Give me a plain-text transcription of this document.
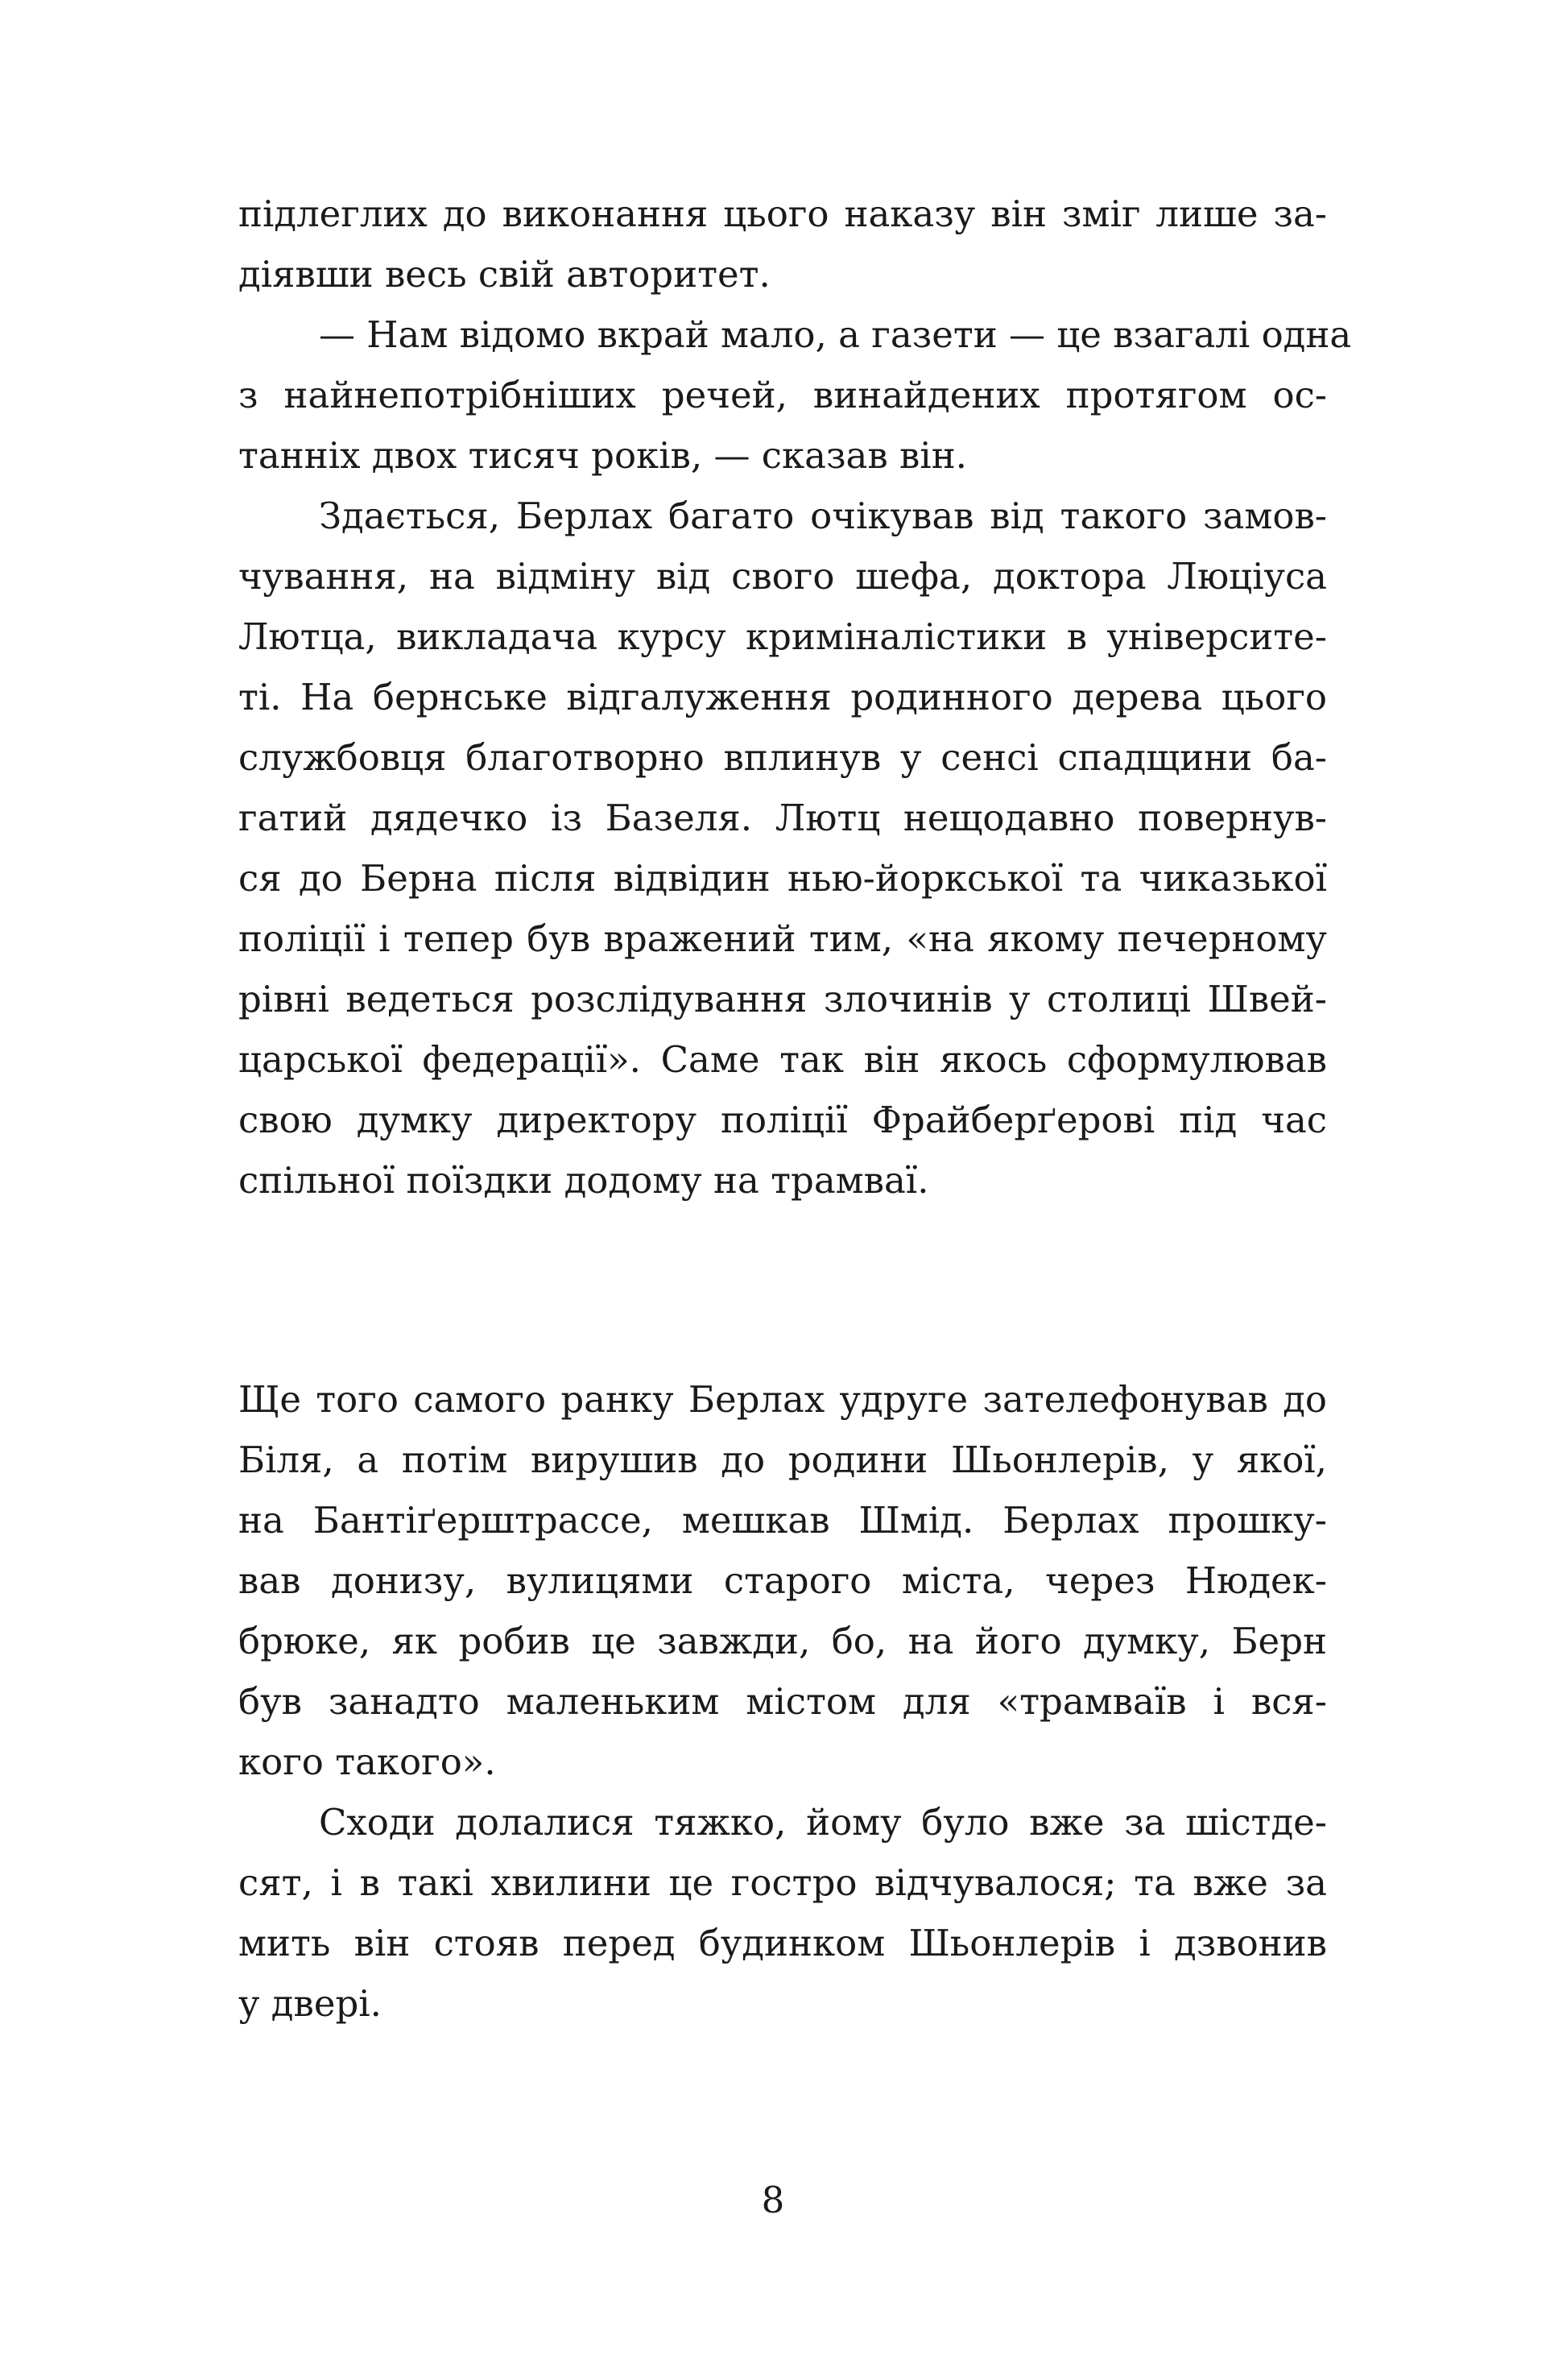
підлеглих до виконання цього наказу він зміг лише за-
діявши весь свій авторитет.
— Нам відомо вкрай мало, а газети — це взагалі одна
з найнепотрібніших речей, винайдених протягом ос-
танніх двох тисяч років, — сказав він.
Здається, Берлах багато очікував від такого замов-
чування, на відміну від свого шефа, доктора Люціуса
Лютца, викладача курсу криміналістики в університе-
ті. На бернське відгалуження родинного дерева цього
службовця благотворно вплинув у сенсі спадщини ба-
гатий дядечко із Базеля. Лютц нещодавно повернув-
ся до Берна після відвідин нью-йоркської та чиказької
поліції і тепер був вражений тим, «на якому печерному
рівні ведеться розслідування злочинів у столиці Швей-
царської федерації». Саме так він якось сформулював
свою думку директору поліції Фрайберґерові під час
спільної поїздки додому на трамваї.
Ще того самого ранку Берлах удруге зателефонував до
Біля, а потім вирушив до родини Шьонлерів, у якої,
на Бантіґерштрассе, мешкав Шмід. Берлах прошку-
вав донизу, вулицями старого міста, через Нюдек-
брюке, як робив це завжди, бо, на його думку, Берн
був занадто маленьким містом для «трамваїв і вся-
кого такого».
Сходи долалися тяжко, йому було вже за шістде-
сят, і в такі хвилини це гостро відчувалося; та вже за
мить він стояв перед будинком Шьонлерів і дзвонив
у двері.
8
